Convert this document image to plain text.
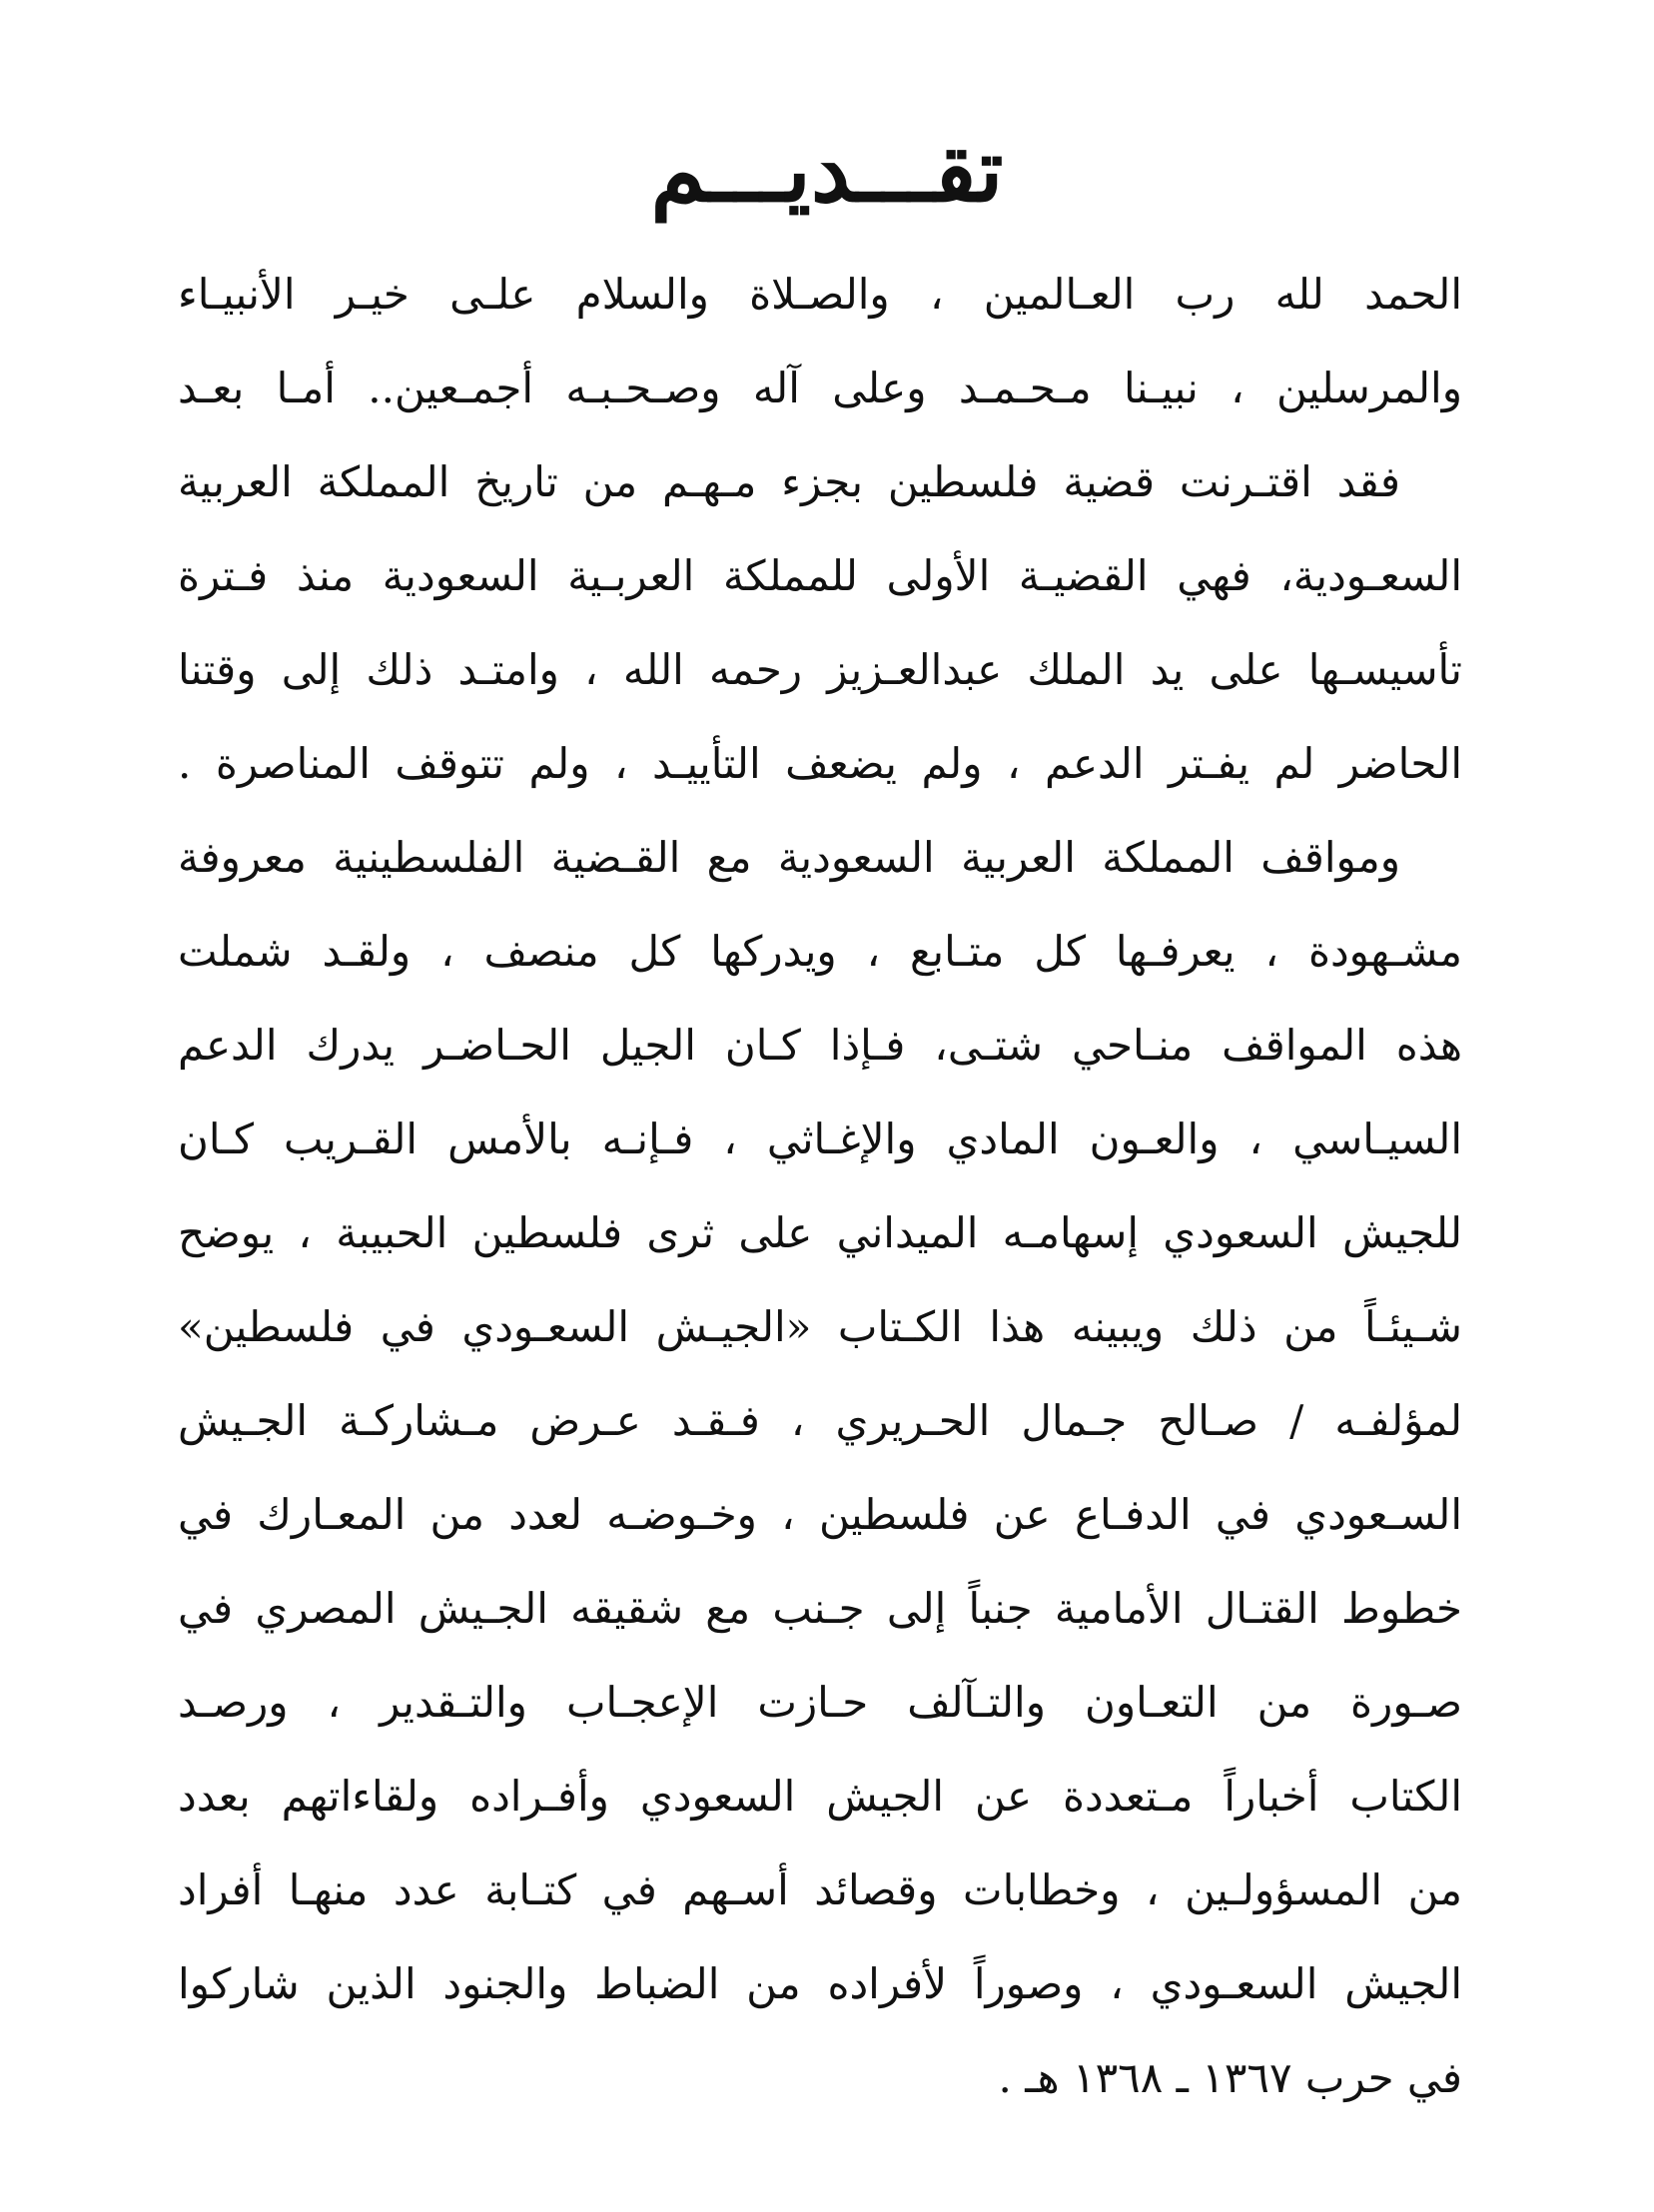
تقـــديـــم
الحمد لله رب العـالمين ، والصـلاة والسلام علـى خيـر الأنبيـاء
والمرسلين ، نبيـنا مـحـمـد وعلى آله وصـحـبـه أجمـعين.. أمـا بعـد
فقد اقتـرنت قضية فلسطين بجزء مـهـم من تاريخ المملكة العربية
السعـودية، فهي القضيـة الأولى للمملكة العربـية السعودية منذ فـترة
تأسيسـها على يد الملك عبدالعـزيز رحمه الله ، وامتـد ذلك إلى وقتنا
الحاضر لم يفـتر الدعم ، ولم يضعف التأييـد ، ولم تتوقف المناصرة .
ومواقف المملكة العربية السعودية مع القـضية الفلسطينية معروفة
مشـهودة ، يعرفـها كل متـابع ، ويدركها كل منصف ، ولقـد شملت
هذه المواقف منـاحي شتـى، فـإذا كـان الجيل الحـاضـر يدرك الدعم
السيـاسي ، والعـون المادي والإغـاثي ، فـإنـه بالأمس القـريب كـان
للجيش السعودي إسهامـه الميداني على ثرى فلسطين الحبيبة ، يوضح
شـيئـاً من ذلك ويبينه هذا الكـتاب «الجيـش السعـودي في فلسطين»
لمؤلفـه / صـالح جـمال الحـريري ، فـقـد عـرض مـشاركـة الجـيش
السـعودي في الدفـاع عن فلسطين ، وخـوضـه لعدد من المعـارك في
خطوط القتـال الأمامية جنباً إلى جـنب مع شقيقه الجـيش المصري في
صـورة من التعـاون والتـآلف حـازت الإعجـاب والتـقدير ، ورصـد
الكتاب أخباراً مـتعددة عن الجيش السعودي وأفـراده ولقاءاتهم بعدد
من المسؤولـين ، وخطابات وقصائد أسـهم في كتـابة عدد منهـا أفراد
الجيش السعـودي ، وصوراً لأفراده من الضباط والجنود الذين شاركوا
في حرب ١٣٦٧ ـ ١٣٦٨ هـ .
